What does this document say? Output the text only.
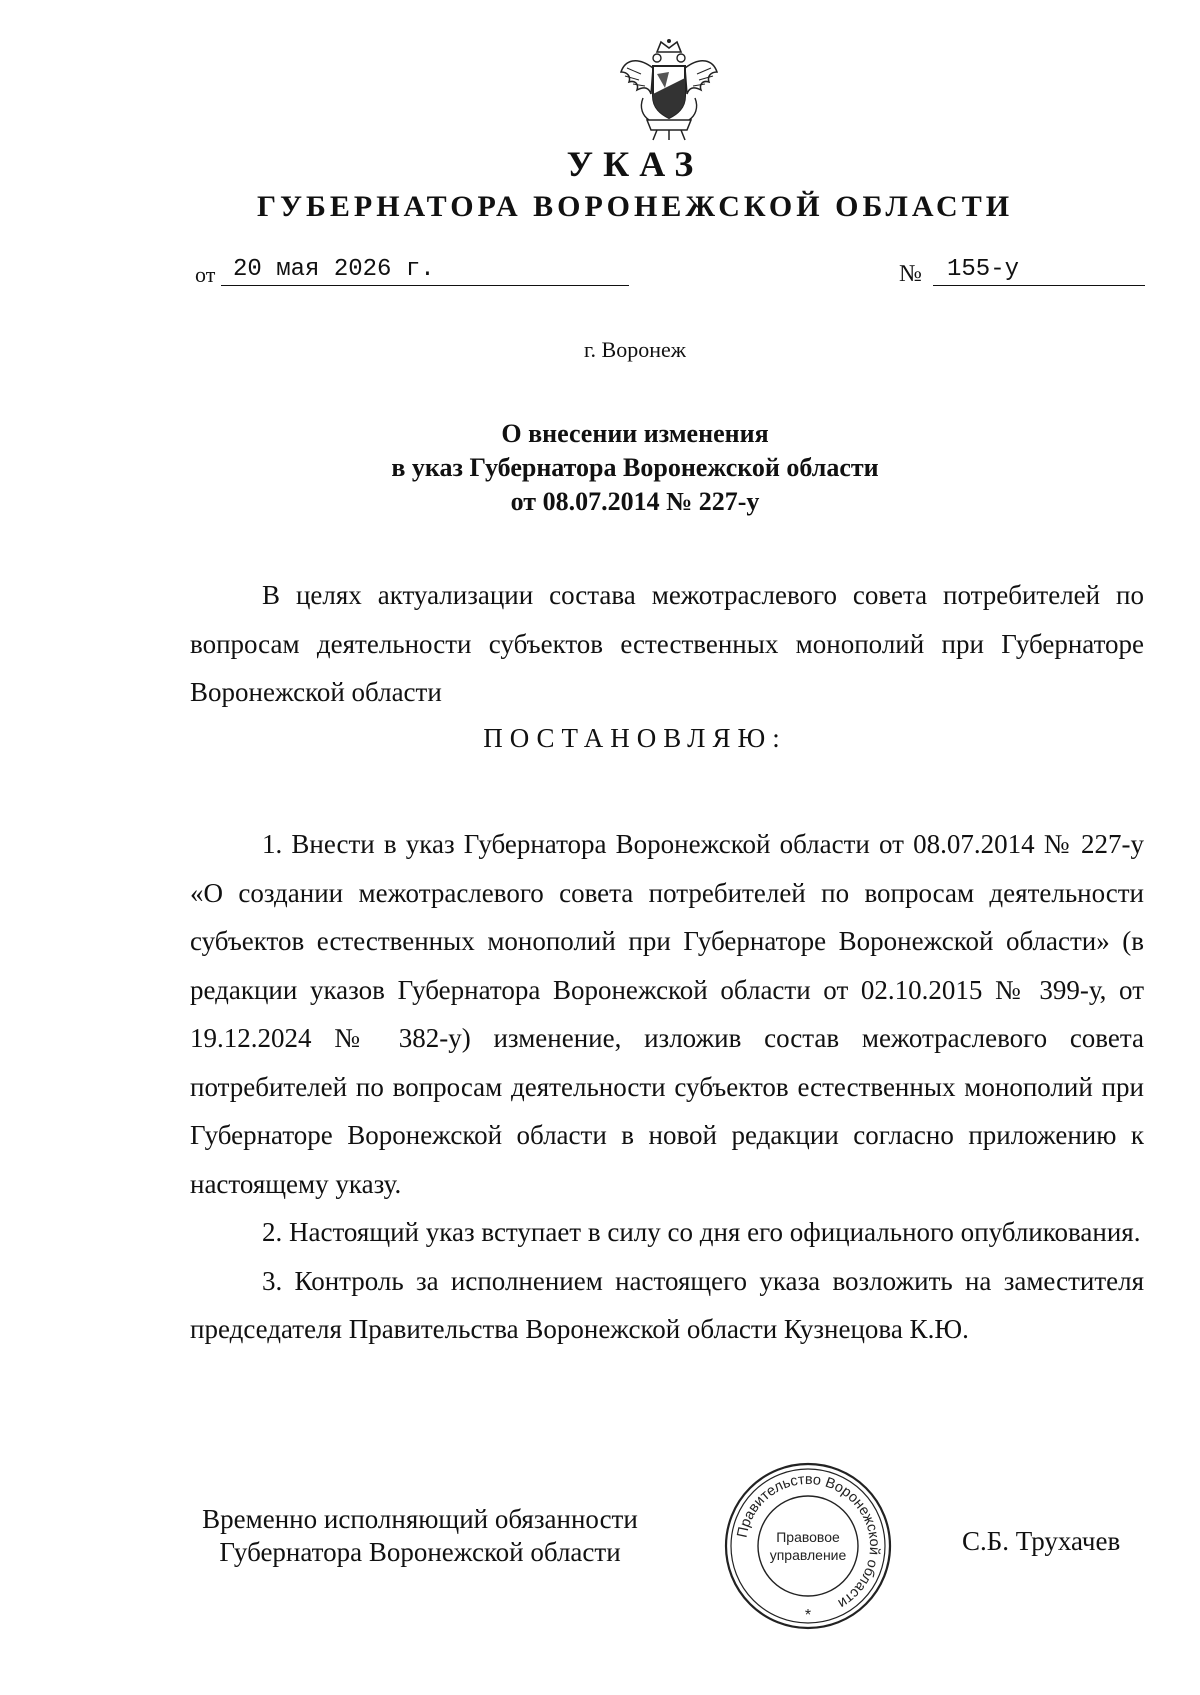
УКАЗ
ГУБЕРНАТОРА ВОРОНЕЖСКОЙ ОБЛАСТИ
от 20 мая 2026 г.	№ 155-у
г. Воронеж
О внесении изменения
в указ Губернатора Воронежской области
от 08.07.2014 № 227-у

В целях актуализации состава межотраслевого совета потребителей по вопросам деятельности субъектов естественных монополий при Губернаторе Воронежской области

ПОСТАНОВЛЯЮ:

1. Внести в указ Губернатора Воронежской области от 08.07.2014 № 227-у «О создании межотраслевого совета потребителей по вопросам деятельности субъектов естественных монополий при Губернаторе Воронежской области» (в редакции указов Губернатора Воронежской области от 02.10.2015 № 399-у, от 19.12.2024 № 382-у) изменение, изложив состав межотраслевого совета потребителей по вопросам деятельности субъектов естественных монополий при Губернаторе Воронежской области в новой редакции согласно приложению к настоящему указу.

2. Настоящий указ вступает в силу со дня его официального опубликования.

3. Контроль за исполнением настоящего указа возложить на заместителя председателя Правительства Воронежской области Кузнецова К.Ю.

Временно исполняющий обязанности
Губернатора Воронежской области
Правительство Воронежской области
Правовое
управление
*
С.Б. Трухачев
